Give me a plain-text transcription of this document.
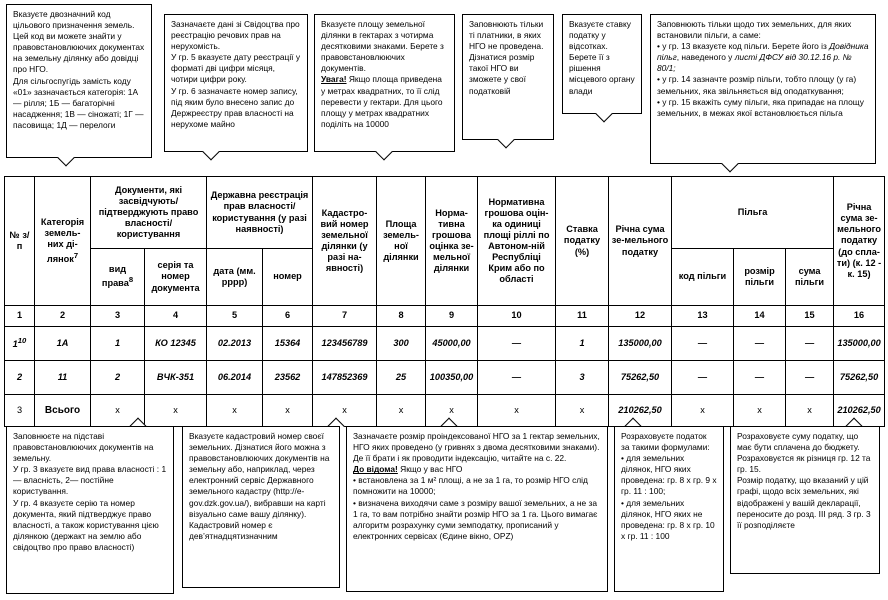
Вказуєте двозначний код цільового призначення земель. Цей код ви можете знайти у правовстановлюючих документах на земельну ділянку або довідці про НГО.

Для сільгоспугідь замість коду «01» зазначається категорія: 1А — рілля; 1Б — багаторічні насадження; 1В — сіножаті; 1Г — пасовища; 1Д — перелоги

Зазначаєте дані зі Свідоцтва про реєстрацію речових прав на нерухомість.

У гр. 5 вказуєте дату реєстрації у форматі дві цифри місяця, чотири цифри року.

У гр. 6 зазначаєте номер запису, під яким було внесено запис до Держреєстру прав власності на нерухоме майно

Вказуєте площу земельної ділянки в гектарах з чотирма десятковими знаками. Берете з правовстановлюючих документів.

Увага! Якщо площа приведена у метрах квадратних, то її слід перевести у гектари. Для цього площу у метрах квадратних поділіть на 10000

Заповнюють тільки ті платники, в яких НГО не проведена. Дізнатися розмір такої НГО ви зможете у свої податковій

Вказуєте ставку податку у відсотках. Берете її з рішення місцевого органу влади

Заповнюють тільки щодо тих земельних, для яких встановили пільги, а саме:

• у гр. 13 вказуєте код пільги. Берете його із Довідника пільг, наведеного у листі ДФСУ від 30.12.16 р. № 80/1;

• у гр. 14 зазначте розмір пільги, тобто площу (у га) земельних, яка звільняється від оподаткування;

• у гр. 15 вкажіть суму пільги, яка припадає на площу земельних, в межах якої встановлюється пільга

№ з/п	Категорія земель-них ді-лянок$^7$	Документи, які засвідчують/ підтверджують право власності/ користування		Державна реєстрація прав власності/ користування (у разі наявності)		Кадастро-вий номер земельної ділянки (у разі на-явності)	Площа земель-ної ділянки	Норма-тивна грошова оцінка зе-мельної ділянки	Нормативна грошова оцін-ка одиниці площі ріллі по Автоном-ній Республіці Крим або по області	Ставка податку (%)	Річна сума зе-мельного податку	Пільга			Річна сума зе-мельного податку (до спла-ти) (к. 12 - к. 15)
		вид права$^8$	серія та номер документа	дата (мм. рррр)	номер							код пільги	розмір пільги	сума пільги	
1	2	3	4	5	6	7	8	9	10	11	12	13	14	15	16
$1^{10}$	1А	1	КО 12345	02.2013	15364	123456789	300	45000,00	—	1	135000,00	—	—	—	135000,00
2	11	2	ВЧК-351	06.2014	23562	147852369	25	100350,00	—	3	75262,50	—	—	—	75262,50
3	Всього	х	х	х	х	х	х	х	х	х	210262,50	х	х	х	210262,50

Заповнюєте на підставі правовстановлюючих документів на земельну.

У гр. 3 вказуєте вид права власності : 1 — власність, 2— постійне користування.

У гр. 4 вказуєте серію та номер документа, який підтверджує право власності, а також користування цією ділянкою (держакт на землю або свідоцтво про право власності)

Вказуєте кадастровий номер своєї земельних. Дізнатися його можна з правовстановлюючих документів на земельну або, наприклад, через електронний сервіс Державного земельного кадастру (http://e-gov.dzk.gov.ua/), вибравши на карті візуально саме вашу ділянку). Кадастровий номер є дев’ятнадцятизначним

Зазначаєте розмір проіндексованої НГО за 1 гектар земельних, НГО яких проведено (у гривнях з двома десятковими знаками). Де її брати і як проводити індексацію, читайте на с. 22.

До відома! Якщо у вас НГО

• встановлена за 1 м² площі, а не за 1 га, то розмір НГО слід помножити на 10000;

• визначена виходячи саме з розміру вашої земельних, а не за 1 га, то вам потрібно знайти розмір НГО за 1 га. Цього вимагає алгоритм розрахунку суми земподатку, прописаний у електронних сервісах (Єдине вікно, OPZ)

Розраховуєте податок за такими формулами:

• для земельних ділянок, НГО яких проведена: гр. 8 х гр. 9 х гр. 11 : 100;

• для земельних ділянок, НГО яких не проведена: гр. 8 х гр. 10 х гр. 11 : 100

Розраховуєте суму податку, що має бути сплачена до бюджету. Розраховуєтся як різниця гр. 12 та гр. 15.

Розмір податку, що вказаний у цій графі, щодо всіх земельних, які відображені у вашій декларації, переносите до розд. III ряд. 3 гр. 3 її розподіляєте
